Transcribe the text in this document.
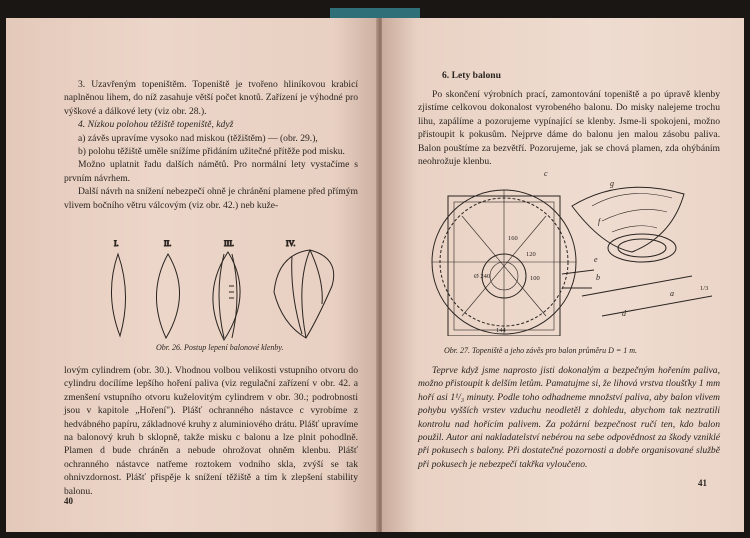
3. Uzavřeným topeništěm. Topeniště je tvořeno hliníkovou krabicí naplněnou lihem, do níž zasahuje větší počet knotů. Zařízení je výhodné pro výškové a dálkové lety (viz obr. 28.).

4. Nízkou polohou těžiště topeniště, když

a) závěs upravíme vysoko nad miskou (těžištěm) — (obr. 29.),

b) polohu těžiště uměle snížíme přidáním užitečné přítěže pod misku.

Možno uplatnit řadu dalších námětů. Pro normální lety vystačíme s prvním návrhem.

Další návrh na snížení nebezpečí ohně je chránění plamene před přímým vlivem bočního větru válcovým (viz obr. 42.) neb kuže-

I.	II.	III.	IV.
Obr. 26. Postup lepení balonové klenby.

lovým cylindrem (obr. 30.). Vhodnou volbou velikosti vstupního otvoru do cylindru docílíme lepšího hoření paliva (viz regulační zařízení v obr. 42. a zmenšení vstupního otvoru kuželovitým cylindrem v obr. 30.; podrobnosti jsou v kapitole „Hoření"). Plášť ochranného nástavce c vyrobíme z hedvábného papíru, základnové kruhy z aluminiového drátu. Plášť upravíme na balonový kruh b sklopně, takže misku c balonu a lze plnit pohodlně. Plamen d bude chráněn a nebude ohrožovat ohněm klenbu. Plášť ochranného nástavce natřeme roztokem vodního skla, zvýší se tak ohnivzdornost. Plášť přispěje k snížení těžiště a tím k zlepšení stability balonu.

40
6. Lety balonu

Po skončení výrobních prací, zamontování topeniště a po úpravě klenby zjistíme celkovou dokonalost vyrobeného balonu. Do misky nalejeme trochu lihu, zapálíme a pozorujeme vypínající se klenby. Jsme-li spokojeni, možno přistoupit k pokusům. Nejprve dáme do balonu jen malou zásobu paliva. Balon pouštíme za bezvětří. Pozorujeme, jak se chová plamen, zda ohýbáním neohrožuje klenbu.

c
g
f
e
b
a
d
160
120
100
Ø 240
144
1/3
Obr. 27. Topeniště a jeho závěs pro balon průměru D = 1 m.

Teprve když jsme naprosto jisti dokonalým a bezpečným hořením paliva, možno přistoupit k delším letům. Pamatujme si, že lihová vrstva tloušťky 1 mm hoří asi 1¹/₃ minuty. Podle toho odhadneme množství paliva, aby balon vlivem pohybu vyšších vrstev vzduchu neodletěl z dohledu, abychom tak neztratili kontrolu nad hořícím palivem. Za požární bezpečnost ručí ten, kdo balon použil. Autor ani nakladatelství nebérou na sebe odpovědnost za škody vzniklé při pokusech s balony. Při dostatečné pozornosti a dobře organisované službě při pokusech je nebezpečí takřka vyloučeno.

41
